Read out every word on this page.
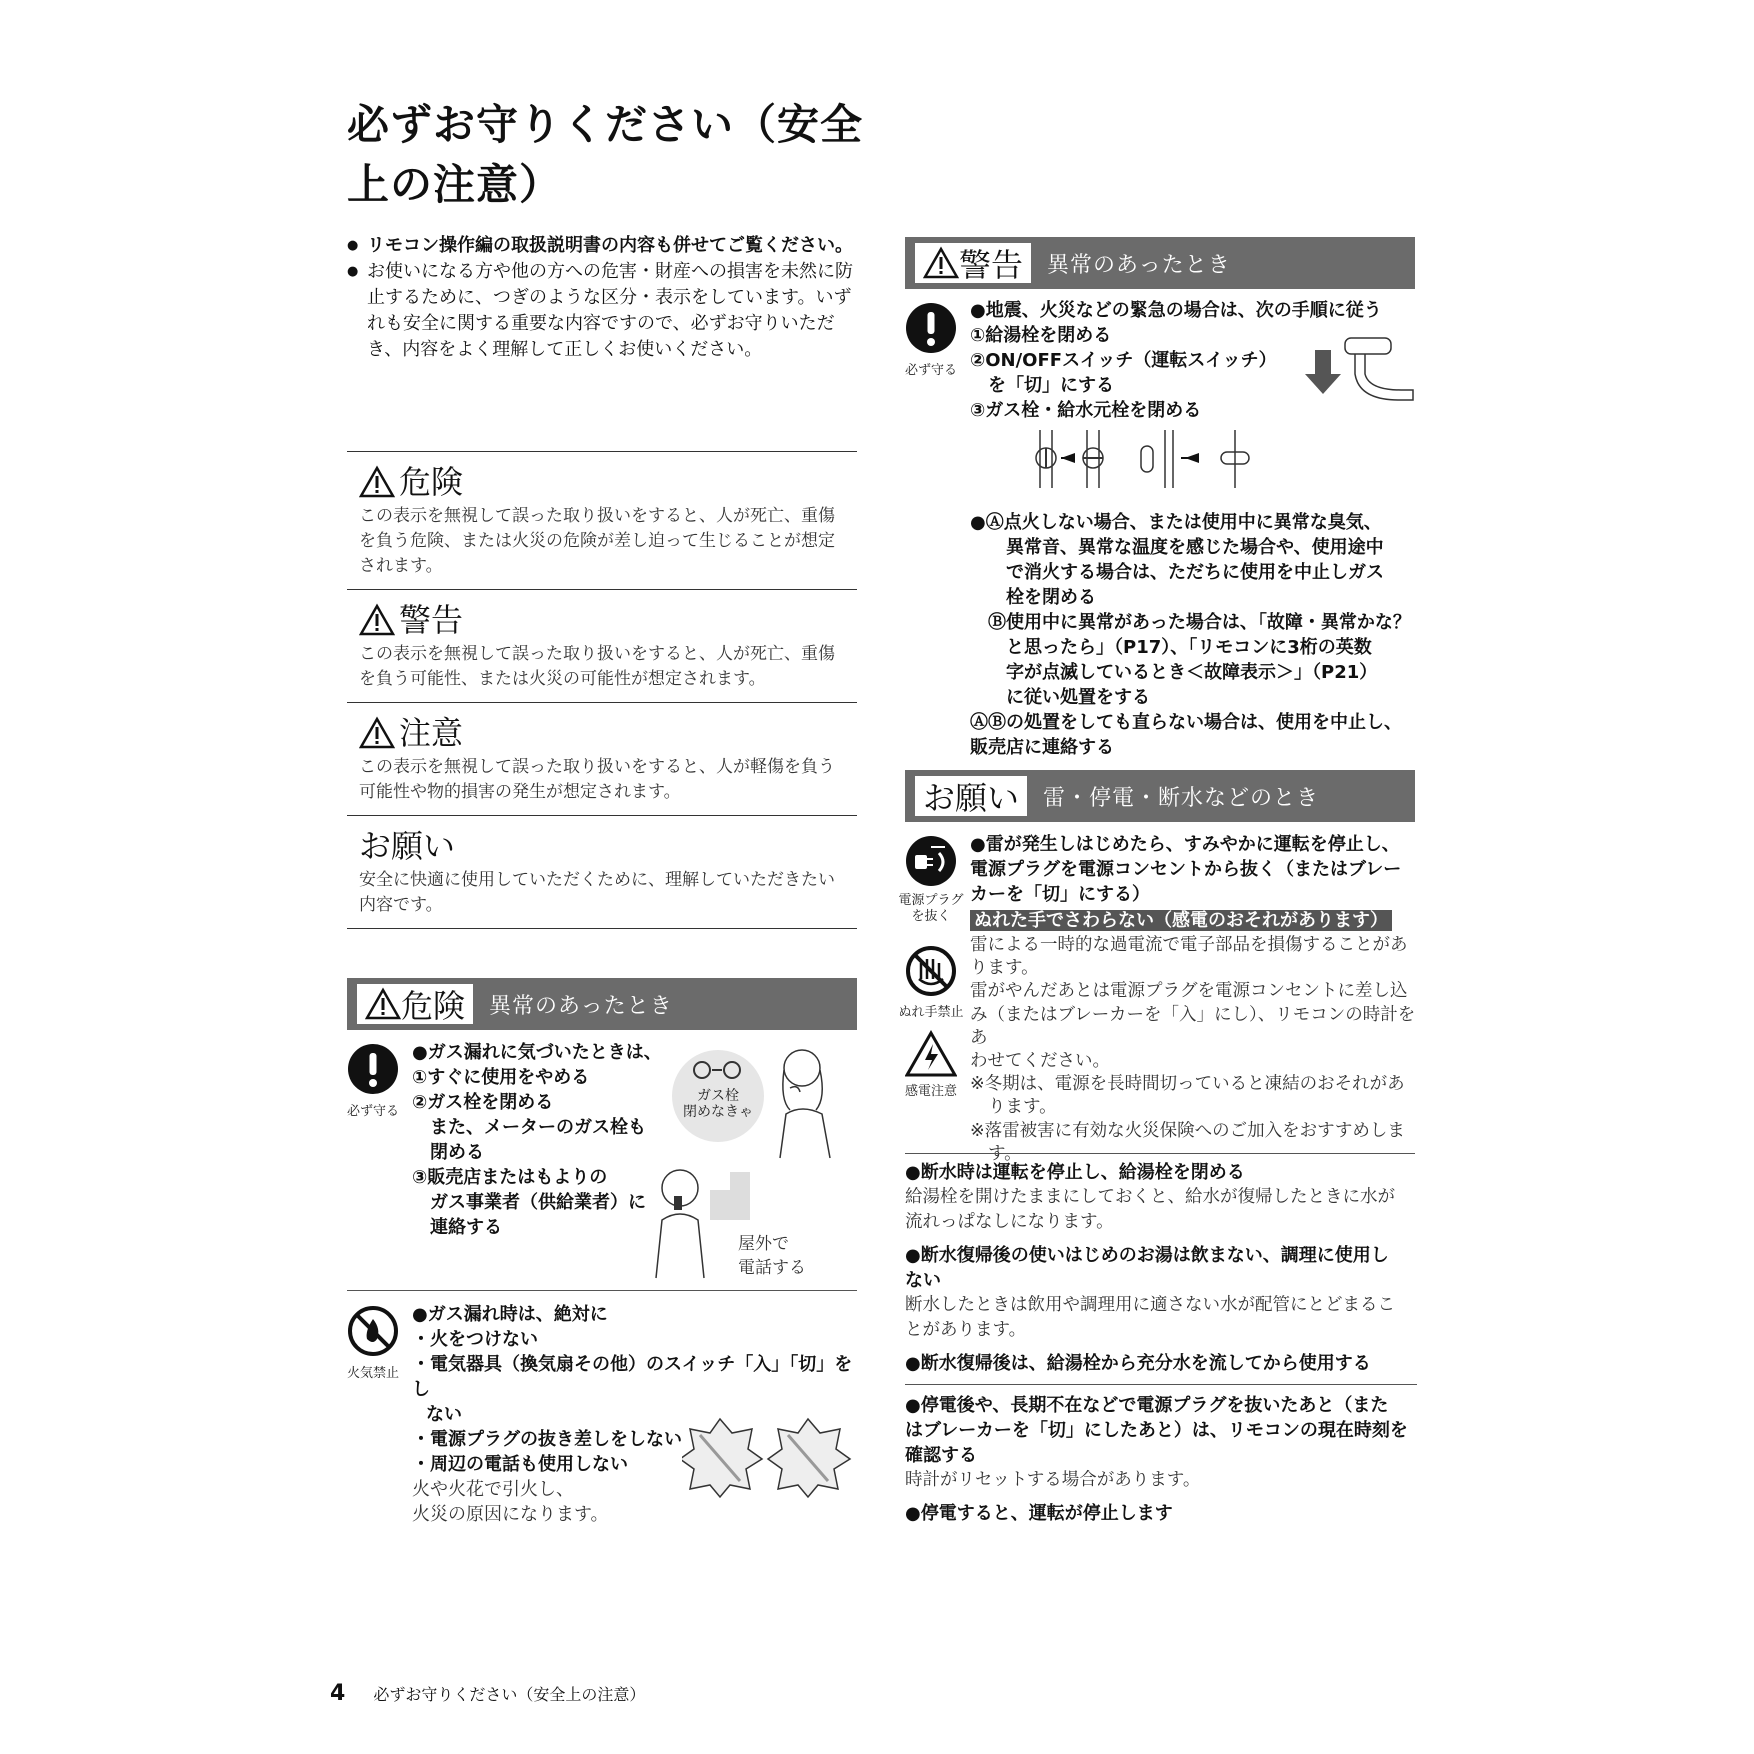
必ずお守りください（安全上の注意）
● リモコン操作編の取扱説明書の内容も併せてご覧ください。
● お使いになる方や他の方への危害・財産への損害を未然に防止するために、つぎのような区分・表示をしています。いずれも安全に関する重要な内容ですので、必ずお守りいただき、内容をよく理解して正しくお使いください。
危険
この表示を無視して誤った取り扱いをすると、人が死亡、重傷を負う危険、または火災の危険が差し迫って生じることが想定されます。
警告
この表示を無視して誤った取り扱いをすると、人が死亡、重傷を負う可能性、または火災の可能性が想定されます。
注意
この表示を無視して誤った取り扱いをすると、人が軽傷を負う可能性や物的損害の発生が想定されます。
お願い
安全に快適に使用していただくために、理解していただきたい内容です。
危険 異常のあったとき
必ず守る
●ガス漏れに気づいたときは、
①すぐに使用をやめる
②ガス栓を閉める
また、メーターのガス栓も
閉める
③販売店またはもよりの
ガス事業者（供給業者）に
連絡する
ガス栓
閉めなきゃ
屋外で
電話する
火気禁止
●ガス漏れ時は、絶対に
・火をつけない
・電気器具（換気扇その他）のスイッチ「入」「切」をし
ない
・電源プラグの抜き差しをしない
・周辺の電話も使用しない
火や火花で引火し、
火災の原因になります。
警告 異常のあったとき
必ず守る
●地震、火災などの緊急の場合は、次の手順に従う
①給湯栓を閉める
②ON/OFFスイッチ（運転スイッチ）
を「切」にする
③ガス栓・給水元栓を閉める
●Ⓐ点火しない場合、または使用中に異常な臭気、
異常音、異常な温度を感じた場合や、使用途中
で消火する場合は、ただちに使用を中止しガス
栓を閉める
Ⓑ使用中に異常があった場合は、「故障・異常かな？
と思ったら」（P17）、「リモコンに3桁の英数
字が点滅しているとき＜故障表示＞」（P21）
に従い処置をする
ⒶⒷの処置をしても直らない場合は、使用を中止し、
販売店に連絡する
お願い 雷・停電・断水などのとき
電源プラグ
を抜く
ぬれ手禁止
感電注意
●雷が発生しはじめたら、すみやかに運転を停止し、
電源プラグを電源コンセントから抜く（またはブレー
カーを「切」にする）
ぬれた手でさわらない（感電のおそれがあります）
雷による一時的な過電流で電子部品を損傷することがあ
ります。
雷がやんだあとは電源プラグを電源コンセントに差し込
み（またはブレーカーを「入」にし）、リモコンの時計をあ
わせてください。
※冬期は、電源を長時間切っていると凍結のおそれがあ
ります。
※落雷被害に有効な火災保険へのご加入をおすすめしま
す。
●断水時は運転を停止し、給湯栓を閉める
給湯栓を開けたままにしておくと、給水が復帰したときに水が
流れっぱなしになります。
●断水復帰後の使いはじめのお湯は飲まない、調理に使用し
ない
断水したときは飲用や調理用に適さない水が配管にとどまるこ
とがあります。
●断水復帰後は、給湯栓から充分水を流してから使用する
●停電後や、長期不在などで電源プラグを抜いたあと（また
はブレーカーを「切」にしたあと）は、リモコンの現在時刻を
確認する
時計がリセットする場合があります。
●停電すると、運転が停止します
4 必ずお守りください（安全上の注意）
